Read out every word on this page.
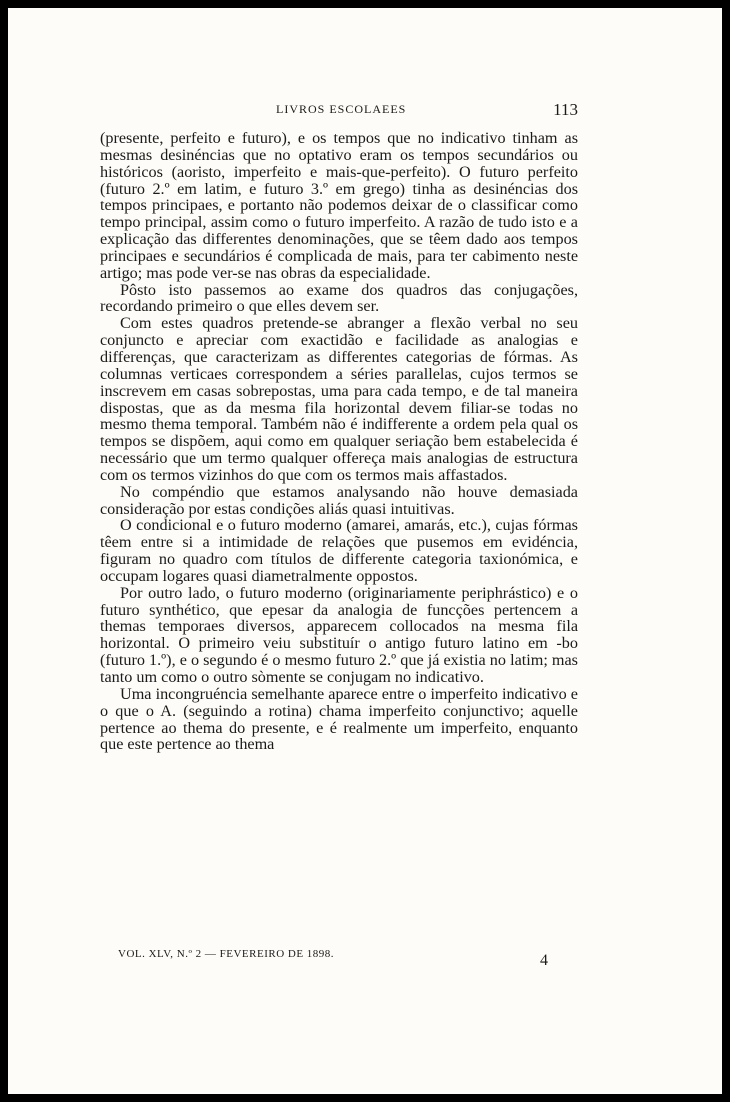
LIVROS ESCOLAEES	113

(presente, perfeito e futuro), e os tempos que no indicativo tinham as mesmas desinéncias que no optativo eram os tempos secundários ou históricos (aoristo, imperfeito e mais-que-perfeito). O futuro perfeito (futuro 2.º em latim, e futuro 3.º em grego) tinha as desinéncias dos tempos principaes, e portanto não podemos deixar de o classificar como tempo principal, assim como o futuro imperfeito. A razão de tudo isto e a explicação das differentes denominações, que se têem dado aos tempos principaes e secundários é complicada de mais, para ter cabimento neste artigo; mas pode ver-se nas obras da especialidade.

Pôsto isto passemos ao exame dos quadros das conjugações, recordando primeiro o que elles devem ser.

Com estes quadros pretende-se abranger a flexão verbal no seu conjuncto e apreciar com exactidão e facilidade as analogias e differenças, que caracterizam as differentes categorias de fórmas. As columnas verticaes correspondem a séries parallelas, cujos termos se inscrevem em casas sobrepostas, uma para cada tempo, e de tal maneira dispostas, que as da mesma fila horizontal devem filiar-se todas no mesmo thema temporal. Também não é indifferente a ordem pela qual os tempos se dispõem, aqui como em qualquer seriação bem estabelecida é necessário que um termo qualquer offereça mais analogias de estructura com os termos vizinhos do que com os termos mais affastados.

No compéndio que estamos analysando não houve demasiada consideração por estas condições aliás quasi intuitivas.

O condicional e o futuro moderno (amarei, amarás, etc.), cujas fórmas têem entre si a intimidade de relações que pusemos em evidéncia, figuram no quadro com títulos de differente categoria taxionómica, e occupam logares quasi diametralmente oppostos.

Por outro lado, o futuro moderno (originariamente periphrástico) e o futuro synthético, que epesar da analogia de funcções pertencem a themas temporaes diversos, apparecem collocados na mesma fila horizontal. O primeiro veiu substituír o antigo futuro latino em -bo (futuro 1.º), e o segundo é o mesmo futuro 2.º que já existia no latim; mas tanto um como o outro sòmente se conjugam no indicativo.

Uma incongruéncia semelhante aparece entre o imperfeito indicativo e o que o A. (seguindo a rotina) chama imperfeito conjunctivo; aquelle pertence ao thema do presente, e é realmente um imperfeito, enquanto que este pertence ao thema

VOL. XLV, N.º 2 — FEVEREIRO DE 1898.	4
